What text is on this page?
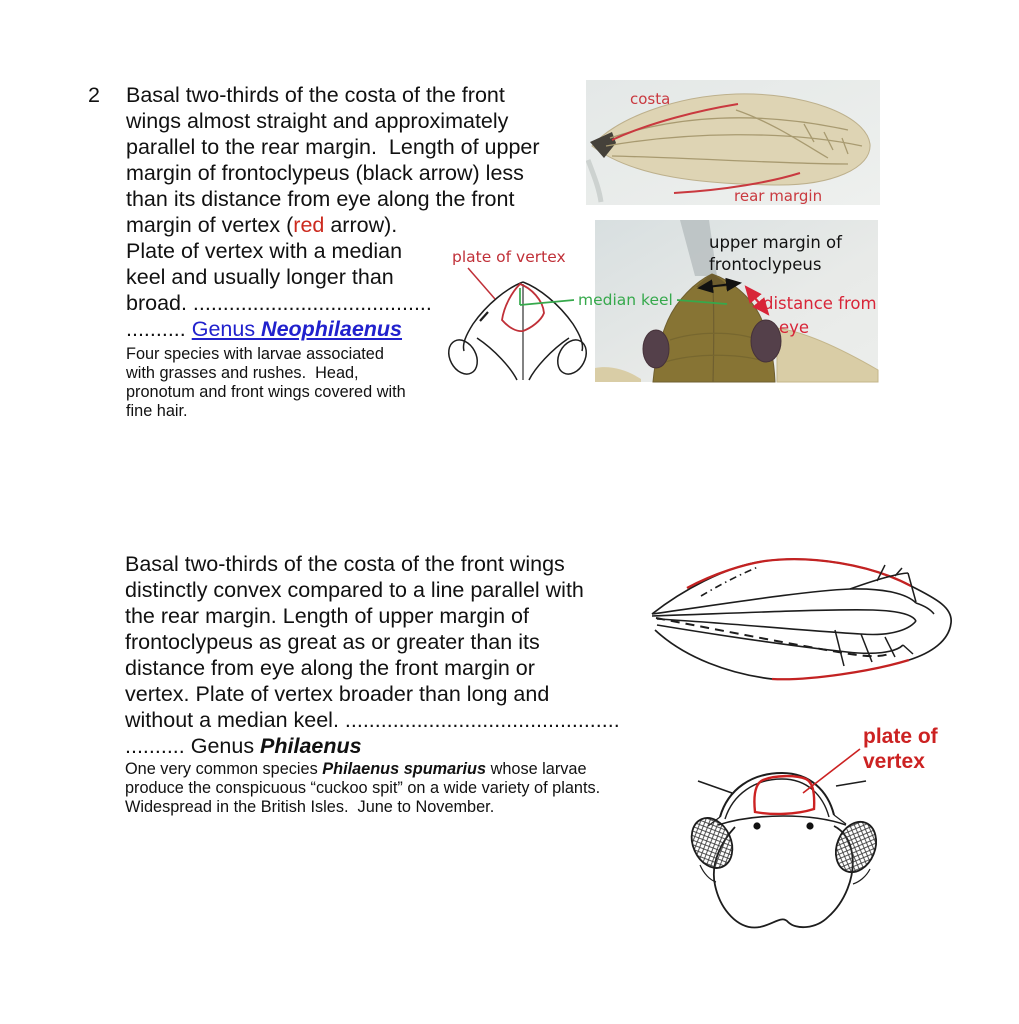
2 Basal two-thirds of the costa of the front
wings almost straight and approximately
parallel to the rear margin.  Length of upper
margin of frontoclypeus (black arrow) less
than its distance from eye along the front
margin of vertex (red arrow).
Plate of vertex with a median
keel and usually longer than
broad. ........................................
.......... Genus Neophilaenus
Four species with larvae associated
with grasses and rushes.  Head,
pronotum and front wings covered with
fine hair.
Basal two-thirds of the costa of the front wings
distinctly convex compared to a line parallel with
the rear margin. Length of upper margin of
frontoclypeus as great as or greater than its
distance from eye along the front margin or
vertex. Plate of vertex broader than long and
without a median keel. ..............................................
.......... Genus Philaenus
One very common species Philaenus spumarius whose larvae
produce the conspicuous “cuckoo spit” on a wide variety of plants.
Widespread in the British Isles.  June to November.
costa
rear margin
plate of vertex
median keel
upper margin of
frontoclypeus
distance from
eye
plate of
vertex
